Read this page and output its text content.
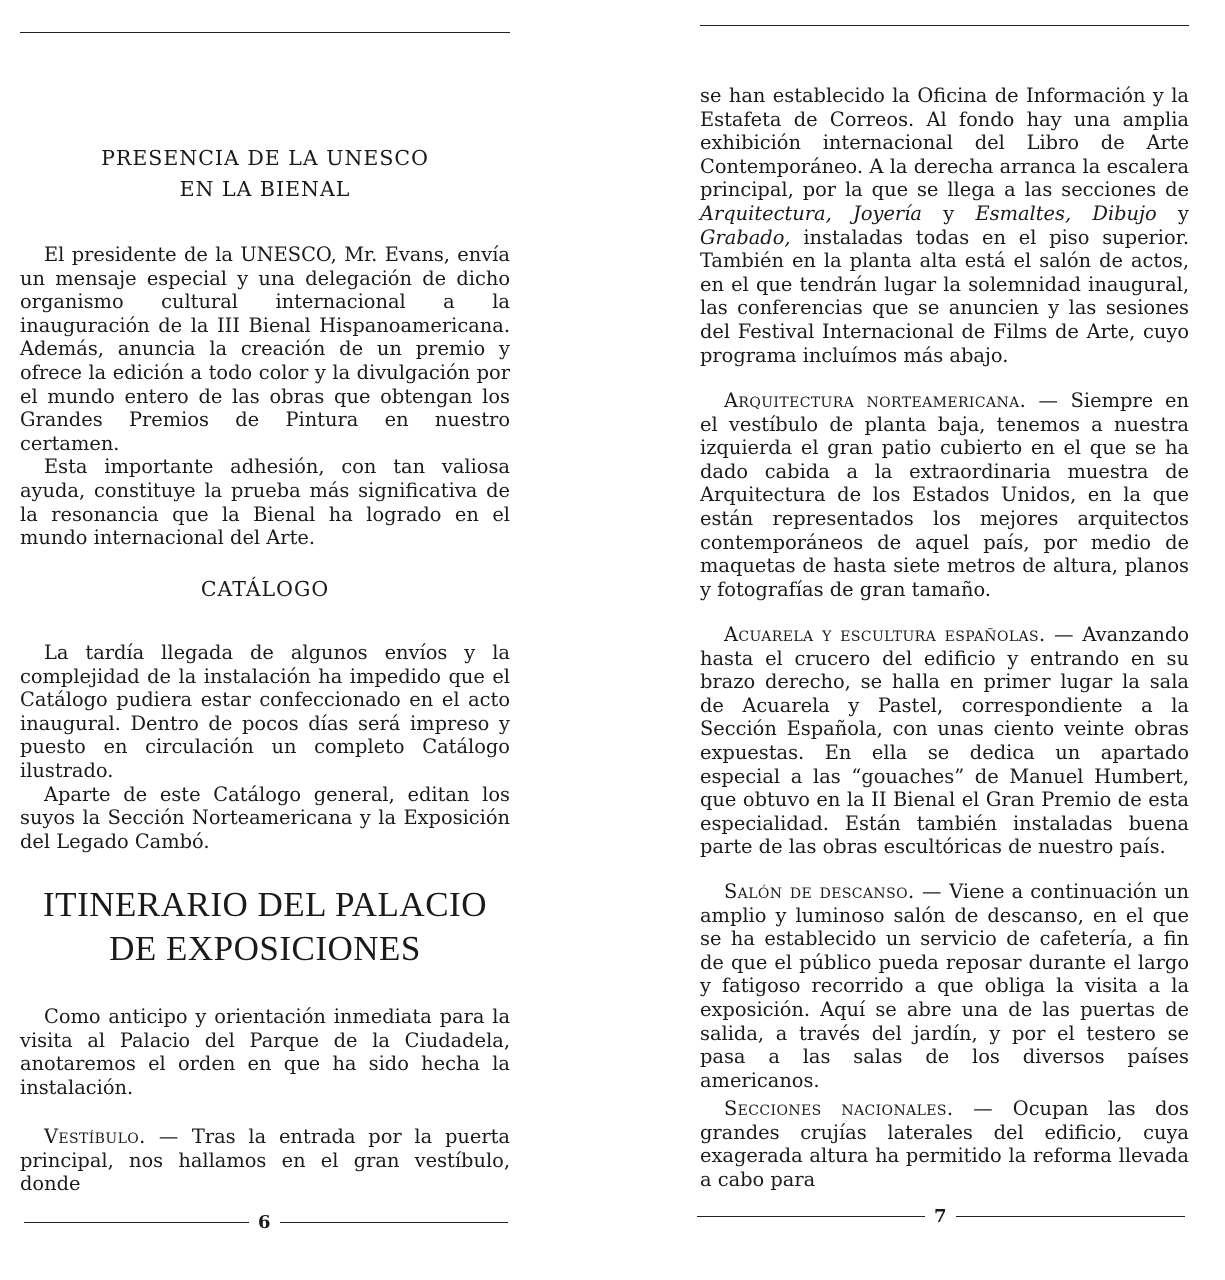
PRESENCIA DE LA UNESCO
EN LA BIENAL

El presidente de la UNESCO, Mr. Evans, envía un mensaje especial y una delegación de dicho organismo cultural internacional a la inauguración de la III Bienal Hispanoamericana. Además, anuncia la creación de un premio y ofrece la edición a todo color y la divulgación por el mundo entero de las obras que obtengan los Grandes Premios de Pintura en nuestro certamen.

Esta importante adhesión, con tan valiosa ayuda, constituye la prueba más significativa de la resonancia que la Bienal ha logrado en el mundo internacional del Arte.

CATÁLOGO

La tardía llegada de algunos envíos y la complejidad de la instalación ha impedido que el Catálogo pudiera estar confeccionado en el acto inaugural. Dentro de pocos días será impreso y puesto en circulación un completo Catálogo ilustrado.

Aparte de este Catálogo general, editan los suyos la Sección Norteamericana y la Exposición del Legado Cambó.

ITINERARIO DEL PALACIO
DE EXPOSICIONES

Como anticipo y orientación inmediata para la visita al Palacio del Parque de la Ciudadela, anotaremos el orden en que ha sido hecha la instalación.

Vestíbulo. — Tras la entrada por la puerta principal, nos hallamos en el gran vestíbulo, donde

6

se han establecido la Oficina de Información y la Estafeta de Correos. Al fondo hay una amplia exhibición internacional del Libro de Arte Contemporáneo. A la derecha arranca la escalera principal, por la que se llega a las secciones de Arquitectura, Joyería y Esmaltes, Dibujo y Grabado, instaladas todas en el piso superior. También en la planta alta está el salón de actos, en el que tendrán lugar la solemnidad inaugural, las conferencias que se anuncien y las sesiones del Festival Internacional de Films de Arte, cuyo programa incluímos más abajo.

Arquitectura norteamericana. — Siempre en el vestíbulo de planta baja, tenemos a nuestra izquierda el gran patio cubierto en el que se ha dado cabida a la extraordinaria muestra de Arquitectura de los Estados Unidos, en la que están representados los mejores arquitectos contemporáneos de aquel país, por medio de maquetas de hasta siete metros de altura, planos y fotografías de gran tamaño.

Acuarela y escultura españolas. — Avanzando hasta el crucero del edificio y entrando en su brazo derecho, se halla en primer lugar la sala de Acuarela y Pastel, correspondiente a la Sección Española, con unas ciento veinte obras expuestas. En ella se dedica un apartado especial a las “gouaches” de Manuel Humbert, que obtuvo en la II Bienal el Gran Premio de esta especialidad. Están también instaladas buena parte de las obras escultóricas de nuestro país.

Salón de descanso. — Viene a continuación un amplio y luminoso salón de descanso, en el que se ha establecido un servicio de cafetería, a fin de que el público pueda reposar durante el largo y fatigoso recorrido a que obliga la visita a la exposición. Aquí se abre una de las puertas de salida, a través del jardín, y por el testero se pasa a las salas de los diversos países americanos.

Secciones nacionales. — Ocupan las dos grandes crujías laterales del edificio, cuya exagerada altura ha permitido la reforma llevada a cabo para

7
